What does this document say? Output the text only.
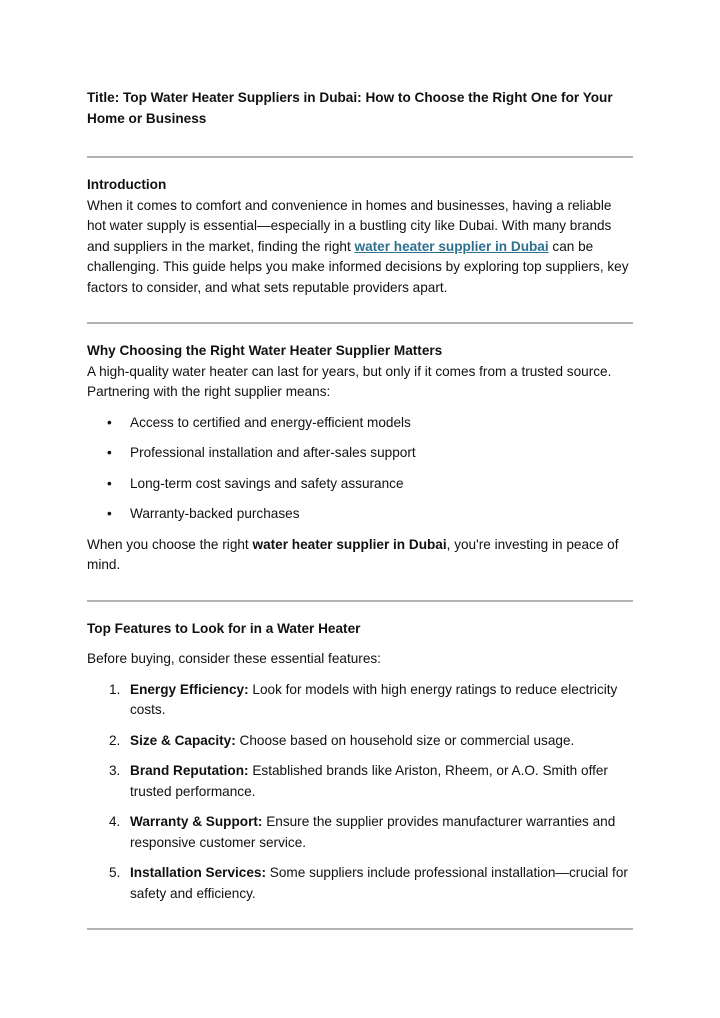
Title: Top Water Heater Suppliers in Dubai: How to Choose the Right One for Your Home or Business

Introduction

When it comes to comfort and convenience in homes and businesses, having a reliable hot water supply is essential—especially in a bustling city like Dubai. With many brands and suppliers in the market, finding the right water heater supplier in Dubai can be challenging. This guide helps you make informed decisions by exploring top suppliers, key factors to consider, and what sets reputable providers apart.

Why Choosing the Right Water Heater Supplier Matters

A high-quality water heater can last for years, but only if it comes from a trusted source. Partnering with the right supplier means:

• Access to certified and energy-efficient models
• Professional installation and after-sales support
• Long-term cost savings and safety assurance
• Warranty-backed purchases

When you choose the right water heater supplier in Dubai, you're investing in peace of mind.

Top Features to Look for in a Water Heater

Before buying, consider these essential features:

1. Energy Efficiency: Look for models with high energy ratings to reduce electricity costs.
2. Size & Capacity: Choose based on household size or commercial usage.
3. Brand Reputation: Established brands like Ariston, Rheem, or A.O. Smith offer trusted performance.
4. Warranty & Support: Ensure the supplier provides manufacturer warranties and responsive customer service.
5. Installation Services: Some suppliers include professional installation—crucial for safety and efficiency.
